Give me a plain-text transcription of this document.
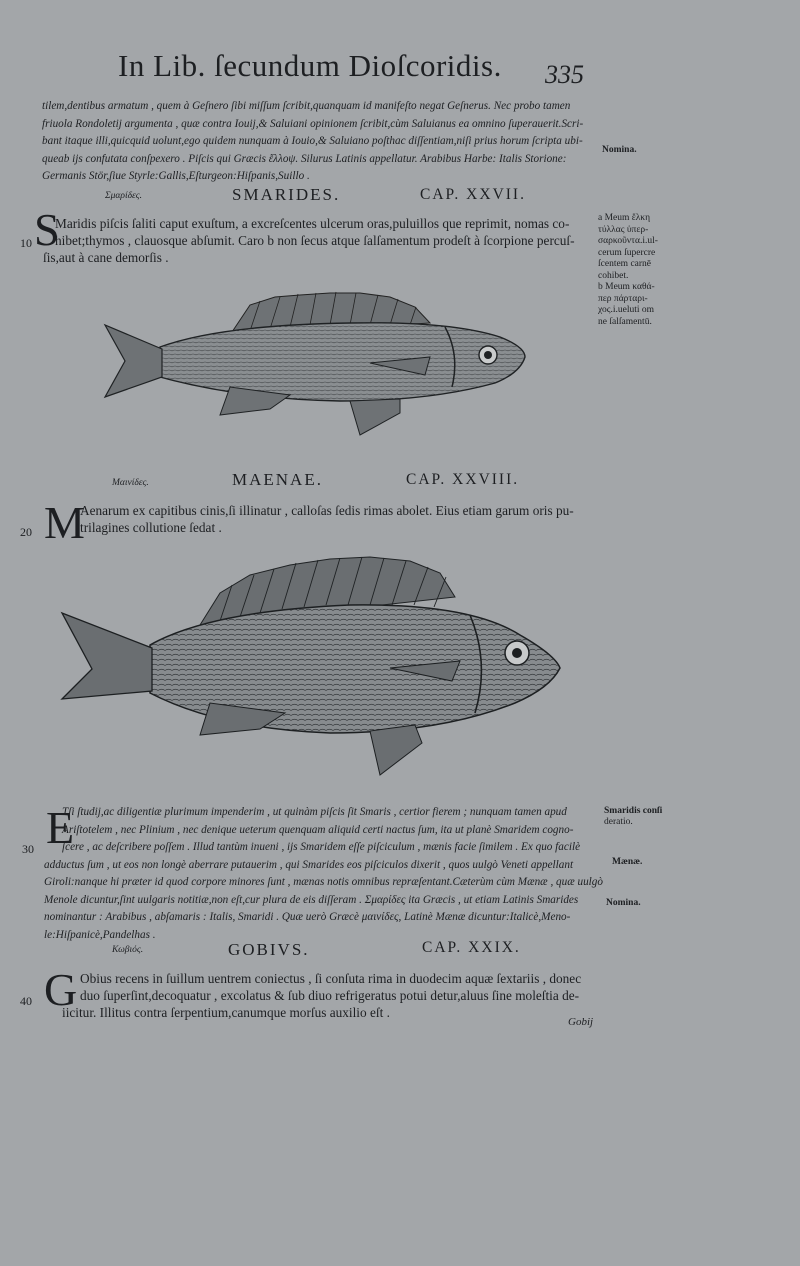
In Lib. ſecundum Dioſcoridis. 335
tilem,dentibus armatum , quem à Geſnero ſibi miſſum ſcribit,quanquam id manifeſto negat Geſnerus. Nec probo tamen
friuola Rondoletij argumenta , quæ contra Iouij,& Saluiani opinionem ſcribit,cùm Saluianus ea omnino ſuperauerit.Scri-
bant itaque illi,quicquid uolunt,ego quidem nunquam à Iouio,& Saluiano poſthac diſſentiam,niſi prius horum ſcripta ubi-
queab ijs confutata conſpexero . Piſcis qui Græcis ἔλλοψ. Silurus Latinis appellatur. Arabibus Harbe: Italis Storione:
Germanis Stör,ſiue Styrle:Gallis,Eſturgeon:Hiſpanis,Suillo .
Nomina.
Σμαρίδες.	SMARIDES.	CAP. XXVII.
S
10
Maridis piſcis ſaliti caput exuſtum, a excreſcentes ulcerum oras,puluillos que reprimit, nomas co-
hibet;thymos , clauosque abſumit. Caro b non ſecus atque ſalſamentum prodeſt à ſcorpione percuſ-
ſis,aut à cane demorſis .
a Meum ἕλκη
τύλλας ὑπερ-
σαρκοῦντα.i.ul-
cerum ſupercre
ſcentem carnē
cohibet.
b Meum καθά-
περ πάρταρι-
χος.i.ueluti om
ne ſalſamentū.
Μαινίδες.	MAENAE.	CAP. XXVIII.
M
20
Aenarum ex capitibus cinis,ſi illinatur , calloſas ſedis rimas abolet. Eius etiam garum oris pu-
trilagines collutione ſedat .
E
30
Tſi ſtudij,ac diligentiæ plurimum impenderim , ut quinàm piſcis ſit Smaris , certior fierem ; nunquam tamen apud
Ariſtotelem , nec Plinium , nec denique ueterum quenquam aliquid certi nactus ſum, ita ut planè Smaridem cogno-
ſcere , ac deſcribere poſſem . Illud tantùm inueni , ijs Smaridem eſſe piſciculum , mænis facie ſimilem . Ex quo facilè
adductus ſum , ut eos non longè aberrare putauerim , qui Smarides eos piſciculos dixerit , quos uulgò Veneti appellant
Giroli:nanque hi præter id quod corpore minores ſunt , mænas notis omnibus repræſentant.Cæterùm cùm Mænæ , quæ uulgò
Menole dicuntur,ſint uulgaris notitiæ,non eſt,cur plura de eis diſſeram . Σμαρίδες ita Græcis , ut etiam Latinis Smarides
nominantur : Arabibus , abſamaris : Italis, Smaridi . Quæ uerò Græcè μαινίδες, Latinè Mænæ dicuntur:Italicè,Meno-
le:Hiſpanicè,Pandelhas .
Smaridis conſi
deratio.
Mænæ.
Nomina.
Κωβιός.	GOBIVS.	CAP. XXIX.
G
40
Obius recens in ſuillum uentrem coniectus , ſi conſuta rima in duodecim aquæ ſextariis , donec
duo ſuperſint,decoquatur , excolatus & ſub diuo refrigeratus potui detur,aluus ſine moleſtia de-
iicitur. Illitus contra ſerpentium,canumque morſus auxilio eſt .
Gobij
